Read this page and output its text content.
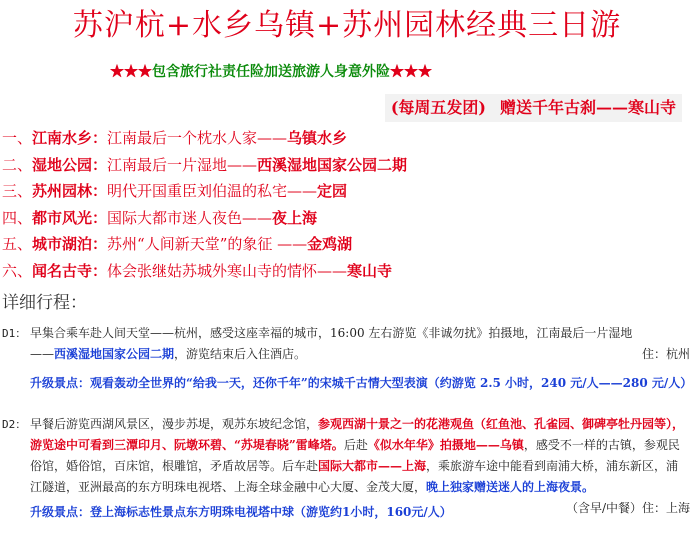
苏沪杭+水乡乌镇+苏州园林经典三日游
★★★包含旅行社责任险加送旅游人身意外险★★★
(每周五发团) 赠送千年古刹——寒山寺
一、江南水乡：江南最后一个枕水人家——乌镇水乡
二、湿地公园：江南最后一片湿地——西溪湿地国家公园二期
三、苏州园林：明代开国重臣刘伯温的私宅——定园
四、都市风光：国际大都市迷人夜色——夜上海
五、城市湖泊：苏州“人间新天堂”的象征 ——金鸡湖
六、闻名古寺：体会张继姑苏城外寒山寺的情怀——寒山寺
详细行程：
D1：
住：杭州
早集合乘车赴人间天堂——杭州，感受这座幸福的城市，16:00 左右游览《非诚勿扰》拍摄地，江南最后一片湿地——西溪湿地国家公园二期，游览结束后入住酒店。
升级景点：观看轰动全世界的“给我一天，还你千年”的宋城千古情大型表演（约游览 2.5 小时，240 元/人——280 元/人）
D2： 早餐后游览西湖风景区，漫步苏堤，观苏东坡纪念馆，参观西湖十景之一的花港观鱼（红鱼池、孔雀园、御碑亭牡丹园等），游览途中可看到三潭印月、阮墩环碧、“苏堤春晓”雷峰塔。后赴《似水年华》拍摄地——乌镇，感受不一样的古镇，参观民俗馆，婚俗馆，百床馆，根雕馆，矛盾故居等。后车赴国际大都市——上海，乘旅游车途中能看到南浦大桥，浦东新区，浦江隧道，亚洲最高的东方明珠电视塔、上海全球金融中心大厦、金茂大厦，晚上独家赠送迷人的上海夜景。
（含早/中餐）住：上海
升级景点：登上海标志性景点东方明珠电视塔中球（游览约1小时，160元/人）
